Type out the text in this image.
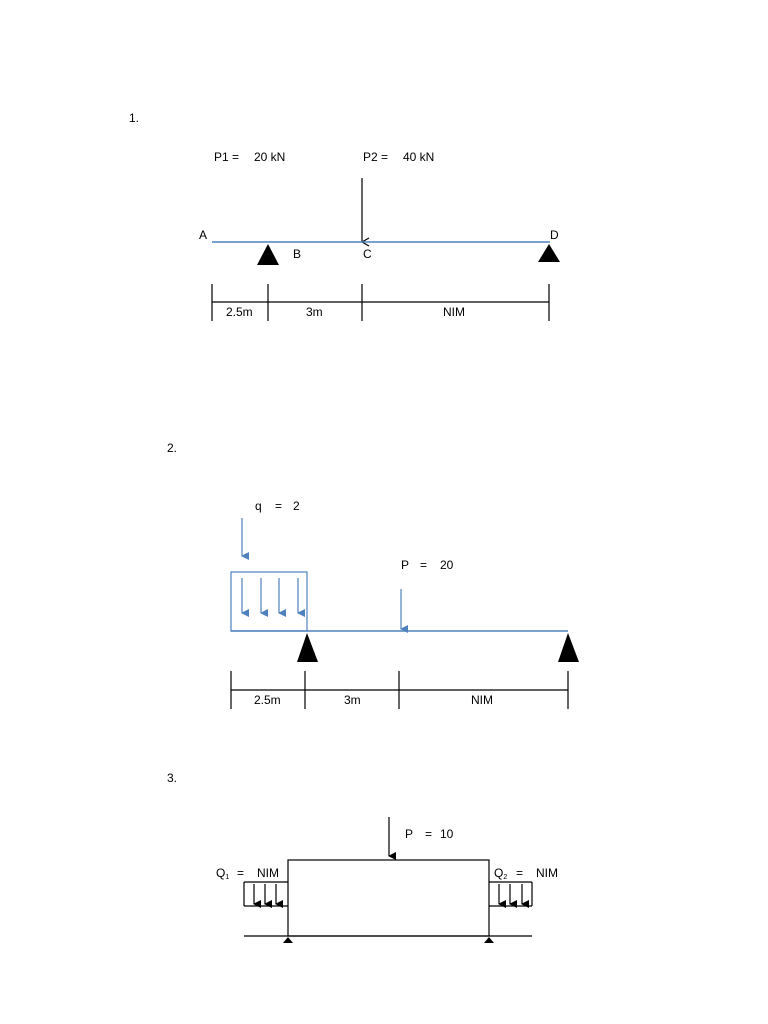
1.
P1 = 20 kN	P2 = 40 kN
A
B	C
D
2.5m	3m	NIM
2.
q = 2
P = 20
2.5m	3m	NIM
3.
P = 10
Q1 = NIM	Q2 = NIM
